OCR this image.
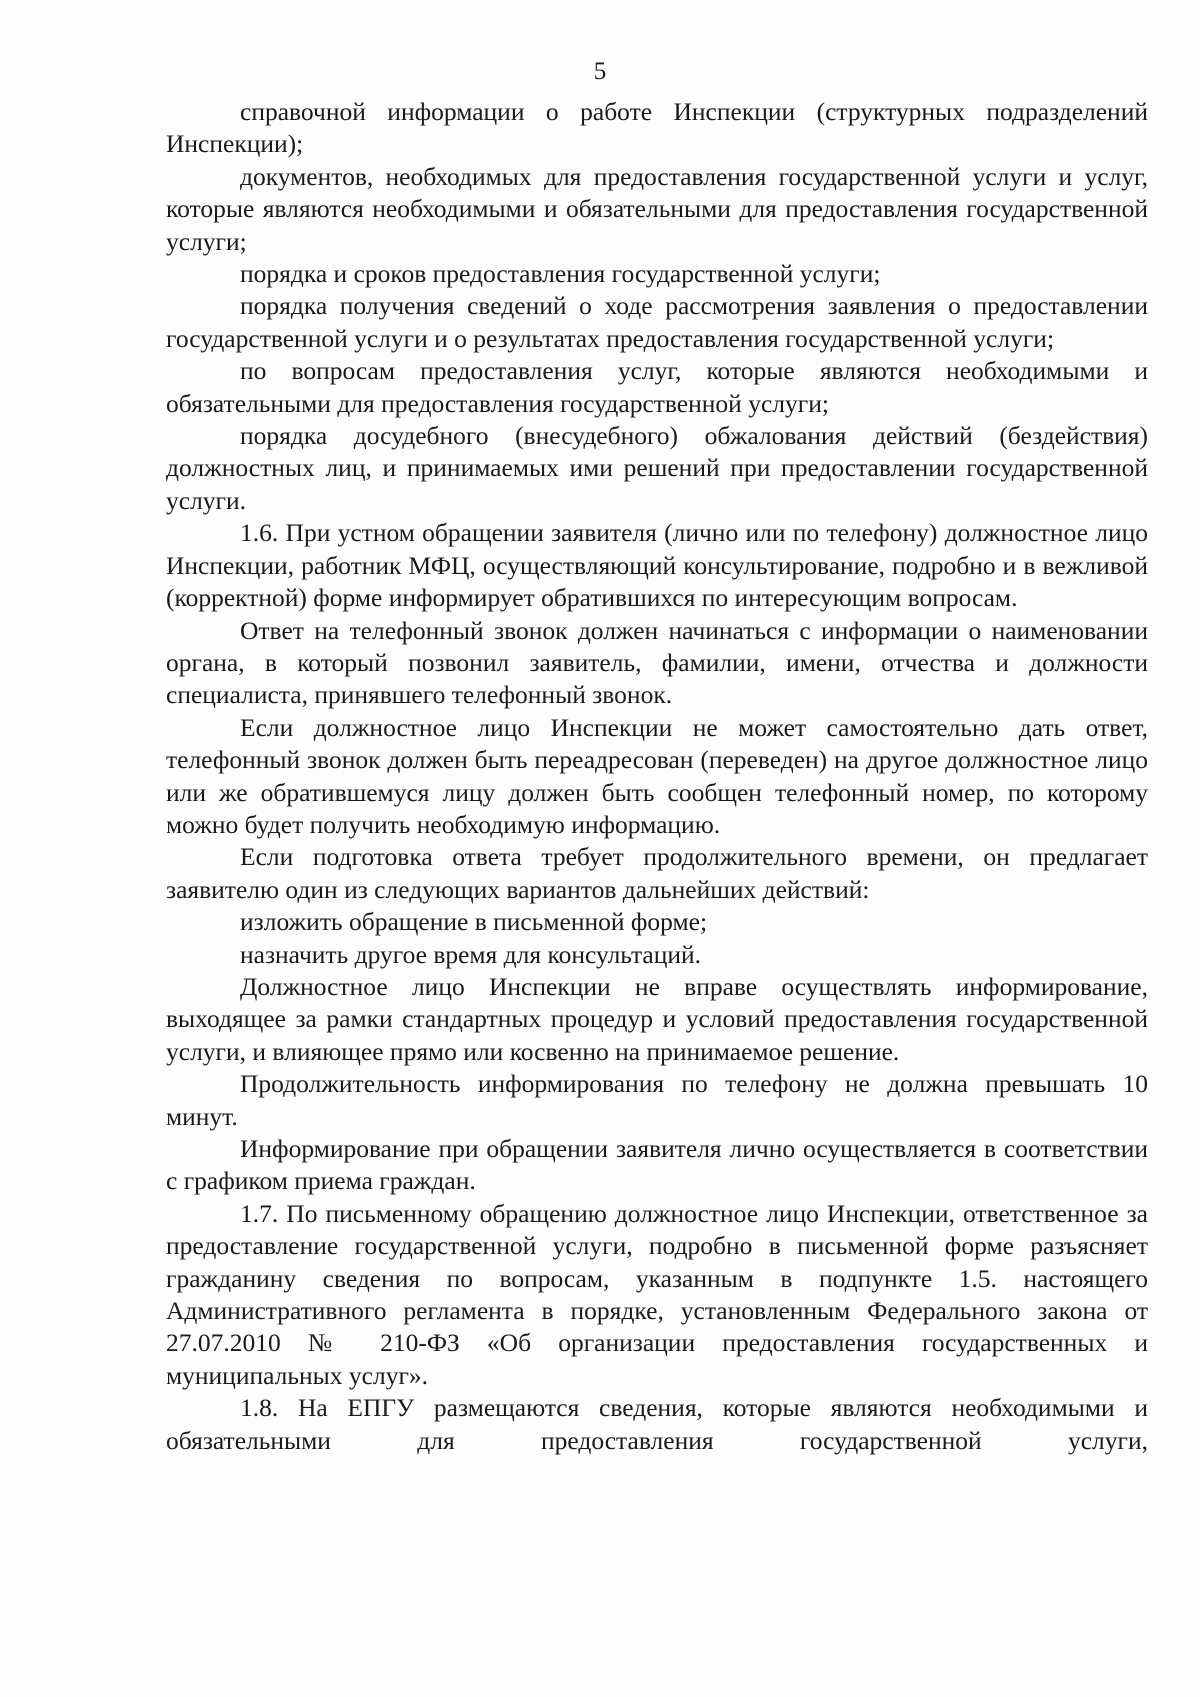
5

справочной информации о работе Инспекции (структурных подразделений Инспекции);

документов, необходимых для предоставления государственной услуги и услуг, которые являются необходимыми и обязательными для предоставления государственной услуги;

порядка и сроков предоставления государственной услуги;

порядка получения сведений о ходе рассмотрения заявления о предоставлении государственной услуги и о результатах предоставления государственной услуги;

по вопросам предоставления услуг, которые являются необходимыми и обязательными для предоставления государственной услуги;

порядка досудебного (внесудебного) обжалования действий (бездействия) должностных лиц, и принимаемых ими решений при предоставлении государственной услуги.

1.6. При устном обращении заявителя (лично или по телефону) должностное лицо Инспекции, работник МФЦ, осуществляющий консультирование, подробно и в вежливой (корректной) форме информирует обратившихся по интересующим вопросам.

Ответ на телефонный звонок должен начинаться с информации о наименовании органа, в который позвонил заявитель, фамилии, имени, отчества и должности специалиста, принявшего телефонный звонок.

Если должностное лицо Инспекции не может самостоятельно дать ответ, телефонный звонок должен быть переадресован (переведен) на другое должностное лицо или же обратившемуся лицу должен быть сообщен телефонный номер, по которому можно будет получить необходимую информацию.

Если подготовка ответа требует продолжительного времени, он предлагает заявителю один из следующих вариантов дальнейших действий:

изложить обращение в письменной форме;

назначить другое время для консультаций.

Должностное лицо Инспекции не вправе осуществлять информирование, выходящее за рамки стандартных процедур и условий предоставления государственной услуги, и влияющее прямо или косвенно на принимаемое решение.

Продолжительность информирования по телефону не должна превышать 10 минут.

Информирование при обращении заявителя лично осуществляется в соответствии с графиком приема граждан.

1.7. По письменному обращению должностное лицо Инспекции, ответственное за предоставление государственной услуги, подробно в письменной форме разъясняет гражданину сведения по вопросам, указанным в подпункте 1.5. настоящего Административного регламента в порядке, установленным Федерального закона от 27.07.2010 № 210-ФЗ «Об организации предоставления государственных и муниципальных услуг».

1.8. На ЕПГУ размещаются сведения, которые являются необходимыми и обязательными для предоставления государственной услуги,
